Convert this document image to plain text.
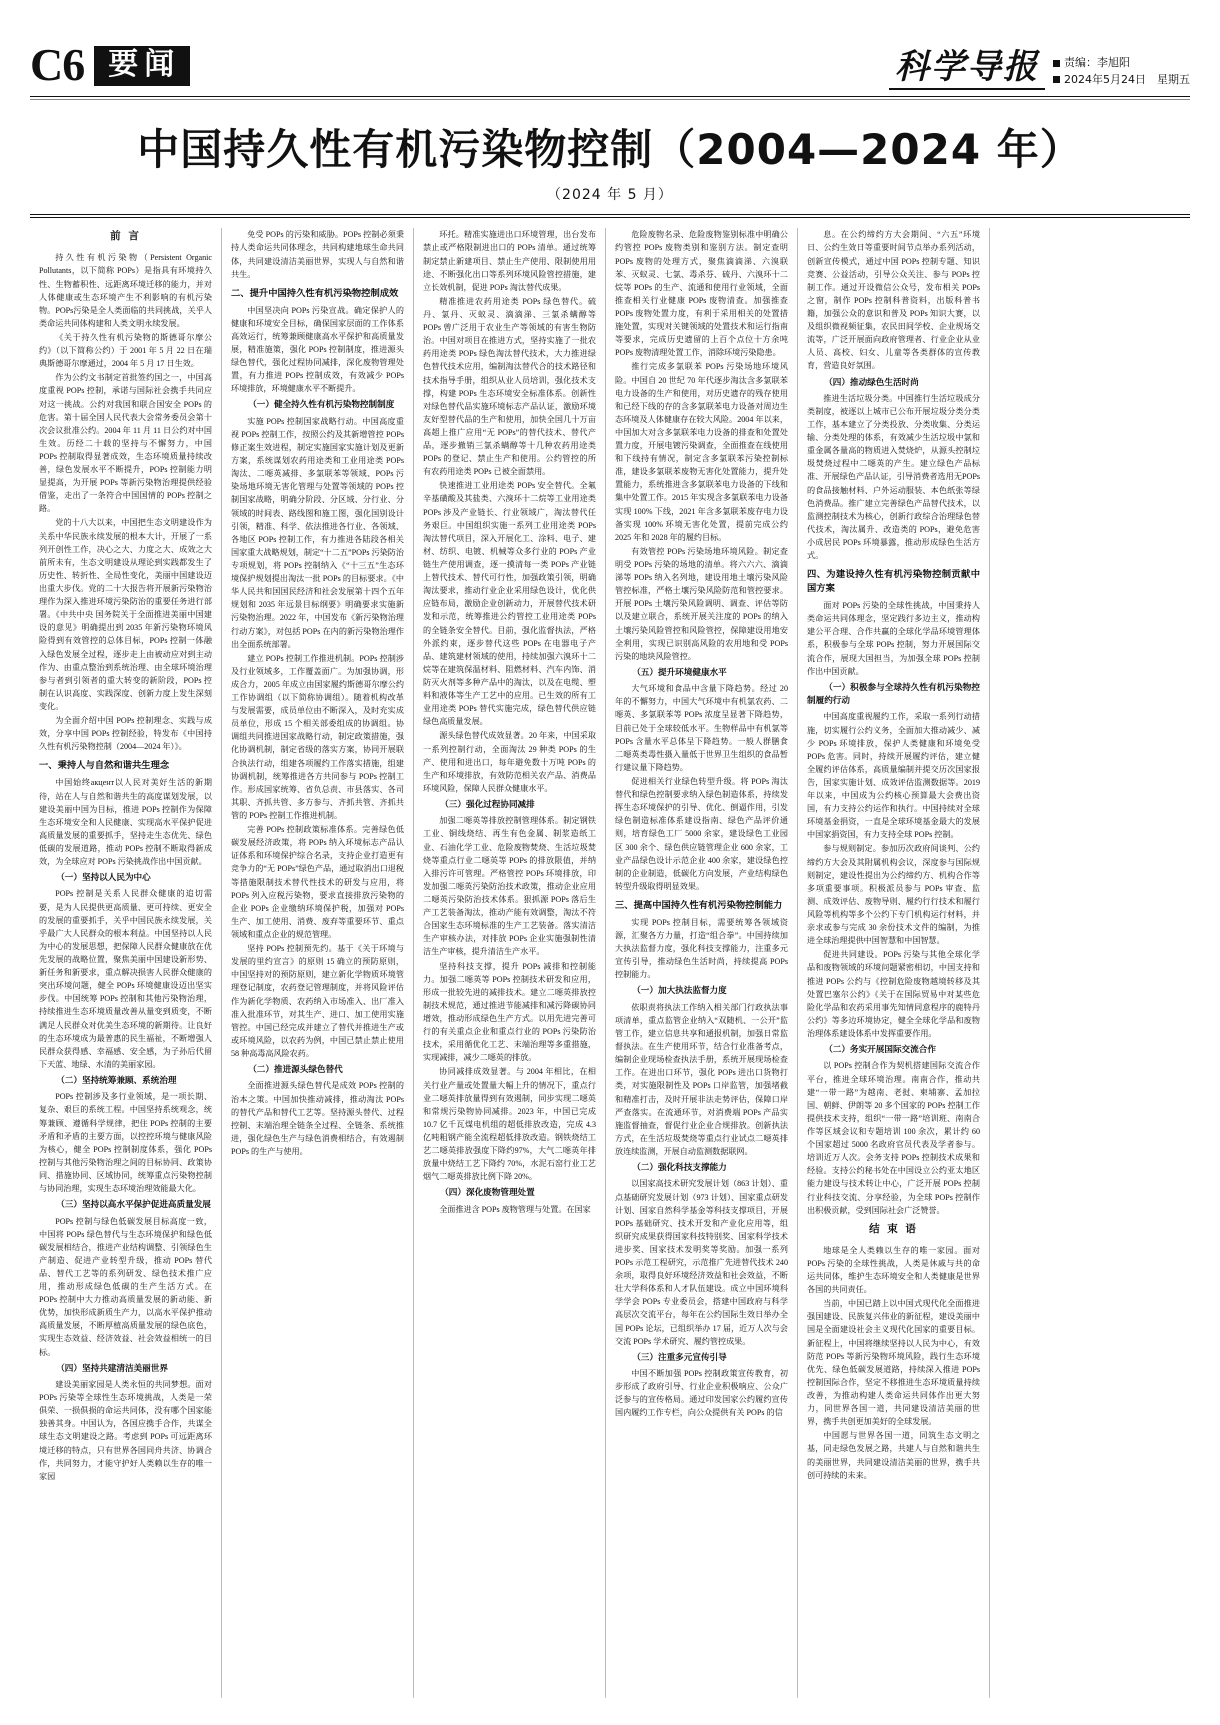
C6 要闻	科学导报	责编：李旭阳
2024年5月24日　星期五
中国持久性有机污染物控制（2004—2024 年）
（2024 年 5 月）
前 言

持久性有机污染物（Persistent Organic Pollutants，以下简称 POPs）是指具有环境持久性、生物蓄积性、远距离环境迁移的能力，并对人体健康或生态环境产生不利影响的有机污染物。POPs污染是全人类面临的共同挑战，关乎人类命运共同体构建和人类文明永续发展。

《关于持久性有机污染物的斯德哥尔摩公约》（以下简称公约）于 2001 年 5 月 22 日在瑞典斯德哥尔摩通过，2004 年 5 月 17 日生效。

作为公约文书制定首批签约国之一，中国高度重视 POPs 控制，承诺与国际社会携手共同应对这一挑战。公约对我国和联合国安全 POPs 的危害。第十届全国人民代表大会常务委员会第十次会议批准公约。2004 年 11 月 11 日公约对中国生效。历经二十载的坚持与不懈努力，中国 POPs 控制取得显著成效，生态环境质量持续改善，绿色发展水平不断提升，POPs 控制能力明显提高，为开展 POPs 等新污染物治理提供经验借鉴，走出了一条符合中国国情的 POPs 控制之路。

党的十八大以来，中国把生态文明建设作为关系中华民族永续发展的根本大计，开展了一系列开创性工作，决心之大、力度之大、成效之大前所未有，生态文明建设从理论到实践都发生了历史性、转折性、全局性变化，美丽中国建设迈出重大步伐。党的二十大报告将开展新污染物治理作为深入推进环境污染防治的重要任务进行部署。《中共中央 国务院关于全面推进美丽中国建设的意见》明确提出到 2035 年新污染物环境风险得到有效管控的总体目标，POPs 控制一体融入绿色发展全过程，逐步走上由被动应对到主动作为、由重点整治到系统治理、由全球环境治理参与者到引领者的重大转变的新阶段，POPs 控制在认识高度、实践深度、创新力度上发生深刻变化。

为全面介绍中国 POPs 控制理念、实践与成效，分享中国 POPs 控制经验，特发布《中国持久性有机污染物控制（2004—2024 年）》。

一、秉持人与自然和谐共生理念

中国始终акцент以人民对美好生活的新期待，站在人与自然和谐共生的高度谋划发展，以建设美丽中国为目标，推进 POPs 控制作为保障生态环境安全和人民健康、实现高水平保护促进高质量发展的重要抓手，坚持走生态优先、绿色低碳的发展道路，推动 POPs 控制不断取得新成效，为全球应对 POPs 污染挑战作出中国贡献。

（一）坚持以人民为中心

POPs 控制是关系人民群众健康的追切需要，是为人民提供更高质量、更可持续、更安全的发展的重要抓手，关乎中国民族永续发展，关乎最广大人民群众的根本利益。中国坚持以人民为中心的发展思想，把保障人民群众健康放在优先发展的战略位置，聚焦美丽中国建设新形势、新任务和新要求，重点解决损害人民群众健康的突出环境问题，健全 POPs 环境健康设迈出坚实步伐。中国统筹 POPs 控制和其他污染物治理，持续推进生态环境质量改善从量变到质变，不断满足人民群众对优美生态环境的新期待。让良好的生态环境成为最普惠的民生福祉，不断增强人民群众获得感、幸福感、安全感，为子孙后代留下天蓝、地绿、水清的美丽家园。

（二）坚持统筹兼顾、系统治理

POPs 控制涉及多行业领域，是一项长期、复杂、艰巨的系统工程。中国坚持系统观念，统筹兼顾、遵循科学规律，把住 POPs 控制的主要矛盾和矛盾的主要方面，以控控环境与健康风险为核心，健全 POPs 控制制度体系，强化 POPs 控制与其他污染物治理之间的目标协同、政策协同、措施协同、区域协同，统筹重点污染物控制与协同治理，实现生态环境治理效能最大化。

（三）坚持以高水平保护促进高质量发展

POPs 控制与绿色低碳发展目标高度一致，中国将 POPs 绿色替代与生态环境保护和绿色低碳发展相结合，推进产业结构调整、引领绿色生产制造、促进产业转型升级，推动 POPs 替代品、替代工艺等的系列研发、绿色技术推广应用，推动形成绿色低碳的生产生活方式。在 POPs 控制中大力推动高质量发展的新动能、新优势，加快形成新质生产力，以高水平保护推动高质量发展，不断厚植高质量发展的绿色底色，实现生态效益、经济效益、社会效益相统一的目标。

（四）坚持共建清洁美丽世界

建设美丽家园是人类永恒的共同梦想。面对 POPs 污染等全球性生态环境挑战，人类是一荣俱荣、一损俱损的命运共同体，没有哪个国家能独善其身。中国认为，各国应携手合作，共谋全球生态文明建设之路。考虑到 POPs 可远距离环境迁移的特点，只有世界各国同舟共济、协调合作，共同努力，才能守护好人类赖以生存的唯一家园

免受 POPs 的污染和威胁。POPs 控制必须秉持人类命运共同体理念，共同构建地球生命共同体，共同建设清洁美丽世界，实现人与自然和谐共生。

二、提升中国持久性有机污染物控制成效

中国坚决向 POPs 污染宣战。确定保护人的健康和环境安全目标，确保国家层面的工作体系高效运行，统筹兼顾健康高水平保护和高质量发展，精准施策，强化 POPs 控制制度，推进源头绿色替代，强化过程协同减排，深化废物管理处置，有力推进 POPs 控制成效，有效减少 POPs 环境排放，环境健康水平不断提升。

（一）健全持久性有机污染物控制制度

实施 POPs 控制国家战略行动。中国高度重视 POPs 控制工作，按照公约及其新增管控 POPs 修正案生效进程，制定实施国家实施计划及更新方案，系统谋划农药用途类和工业用途类 POPs 淘汰、二噁英减排、多氯联苯等领域、POPs 污染场地环境无害化管理与处置等领域的 POPs 控制国家战略，明确分阶段、分区域、分行业、分领域的时间表、路线图和施工图，强化国别设计引领，精准、科学、依法推进各行业、各领域、各地区 POPs 控制工作，有力推进各陆段各相关国家重大战略规划，制定“十二五”POPs 污染防治专项规划，将 POPs 控制纳入《“十三五”生态环境保护规划提出淘汰一批 POPs 的目标要求。《中华人民共和国国民经济和社会发展第十四个五年规划和 2035 年远景目标纲要》明确要求实施新污染物治理。2022 年，中国发布《新污染物治理行动方案》，对包括 POPs 在内的新污染物治理作出全面系统部署。

建立 POPs 控制工作推进机制。POPs 控制涉及行业领域多，工作覆盖面广。为加强协调，形成合力，2005 年成立由国家履约斯德哥尔摩公约工作协调组（以下简称协调组）。随着机构改革与发展需要，成员单位由不断深入，及时充实成员单位，形成 15 个相关部委组成的协调组。协调组共同推进国家战略行动，制定政策措施，强化协调机制，制定省级的落实方案，协同开展联合执法行动，组建各项履约工作落实措施，组建协调机制，统筹推进各方共同参与 POPs 控制工作。形成国家统筹、省负总责、市县落实、各司其职、齐抓共管、多方参与、齐抓共管、齐抓共管的 POPs 控制工作推进机制。

完善 POPs 控制政策标准体系。完善绿色低碳发展经济政策，将 POPs 纳入环境标志产品认证体系和环境保护综合名录，支持企业打造更有竞争力的“无 POPs”绿色产品，通过取消出口退税等措施限制技术替代性技术的研发与应用，将 POPs 列入应税污染物，要求直接排放污染物的企业 POPs 企业缴纳环境保护税，加强对 POPs 生产、加工使用、消费、废弃等重要环节、重点领域和重点企业的规范管理。

坚持 POPs 控制预先约。基于《关于环境与发展的里约宣言》的原则 15 确立的预防原则，中国坚持对的预防原则，建立新化学物质环境管理登记制度，农药登记管理制度，并将风险评估作为新化学物质、农药纳入市场准入、出厂准入准入批准环节，对其生产、进口、加工使用实施管控。中国已经完成并建立了替代并推进生产或或环境风险，以农药为例，中国已禁止禁止使用 58 种高毒高风险农药。

（二）推进源头绿色替代

全面推进源头绿色替代是成效 POPs 控制的治本之策。中国加快推动减排，推动淘汰 POPs 的替代产品和替代工艺等。坚持源头替代、过程控制、末端治理全链条全过程、全链条、系统推进，强化绿色生产与绿色消费相结合，有效遏制 POPs 的生产与使用。

环托。精准实施进出口环境管理，出台发布禁止或严格限制进出口的 POPs 清单。通过统筹制定禁止新建项目、禁止生产使用、限制使用用途、不断强化出口等系列环境风险管控措施，建立长效机制，促进 POPs 淘汰替代成果。

精准推进农药用途类 POPs 绿色替代。硫丹、氯丹、灭蚁灵、滴滴涕、三氯杀螨醇等 POPs 曾广泛用于农业生产等领域的有害生物防治。中国对项目在推进方式，坚持实施了一批农药用途类 POPs 绿色淘汰替代技术，大力推进绿色替代技术应用，编制淘汰替代合的技术路径和技术指导手册，组织从业人员培训，强化技术支撑，构建 POPs 生态环境安全标准体系。创新性对绿色替代品实施环境标志产品认证，激励环境友好型替代品的生产和使用，加快全国几十万亩高超上推广应用“无 POPs”的替代技术、替代产品，逐步撤销三氯杀螨醇等十几种农药用途类 POPs 的登记、禁止生产和使用。公约管控的所有农药用途类 POPs 已被全面禁用。

快速推进工业用途类 POPs 安全替代。全氟辛基磺酸及其盐类、六溴环十二烷等工业用途类 POPs 涉及产业链长、行业领域广，淘汰替代任务艰巨。中国组织实施一系列工业用途类 POPs 淘汰替代项目，深入开展化工、涂料、电子、建材、纺织、电镀、机械等众多行业的 POPs 产业链生产使用调查，逐一摸清每一类 POPs 产业链上替代技术、替代可行性，加强政策引领，明确淘汰要求，推动行业企业采用绿色设计，优化供应链布局，激励企业创新动力，开展替代技术研发和示范，统筹推进公约管控工业用途类 POPs 的全链条安全替代。目前，强化监督执法，严格外派约束，逐步替代这些 POPs 在电器电子产品、建筑建材领域的使用，持续加强六溴环十二烷等在建筑保温材料、阻燃材料、汽车内饰、消防灭火剂等多种产品中的淘汰，以及在电缆、塑料和液体等生产工艺中的应用。已生效的所有工业用途类 POPs 替代实施完成，绿色替代供应链绿色高质量发展。

源头绿色替代成效显著。20 年来，中国采取一系列控制行动，全面淘汰 29 种类 POPs 的生产、使用和进出口，每年避免数十万吨 POPs 的生产和环境排放，有效防范相关农产品、消费品环境风险，保障人民群众健康水平。

（三）强化过程协同减排

加强二噁英等排放控制管理体系。制定钢铁工业、铜线烧结、再生有色金属、制浆造纸工业、石油化学工业、危险废物焚烧、生活垃圾焚烧等重点行业二噁英等 POPs 的排放限值，并纳入排污许可管理。严格管控 POPs 环境排放，印发加强二噁英污染防治技术政策，推动企业应用二噁英污染防治技术体系。狠抓源 POPs 落后生产工艺装备淘汰，推动产能有效调整，淘汰不符合国家生态环境标准的生产工艺装备。落实清洁生产审核办法，对排放 POPs 企业实施强制性清洁生产审核，提升清洁生产水平。

坚持科技支撑，提升 POPs 减排和控制能力。加强二噁英等 POPs 控制技术研发和应用，形成一批较先进的减排技术。建立二噁英排放控制技术规范，通过推进节能减排和减污降碳协同增效，推动形成绿色生产方式。以用先进完善可行的有关重点企业和重点行业的 POPs 污染防治技术，采用循优化工艺、末端治理等多重措施，实现减排，减少二噁英的排放。

协同减排成效显著。与 2004 年相比，在相关行业产量或处置量大幅上升的情况下，重点行业二噁英排放量得到有效遏制，同步实现二噁英和常规污染物协同减排。2023 年，中国已完成 10.7 亿千瓦煤电机组的超低排放改造，完成 4.3 亿吨粗钢产能全流程超低排放改造。钢铁烧结工艺二噁英排放强度下降约97%，大气二噁英年排放量中烧结工艺下降约 70%，水泥石窑行业工艺烟气二噁英排放比例下降 20%。

（四）深化废物管理处置

全面推进含 POPs 废物管理与处置。在国家

危险废物名录、危险废物鉴别标准中明确公约管控 POPs 废物类别和鉴别方法。制定查明 POPs 废物的处理方式，聚焦滴滴涕、六溴联苯、灭蚁灵、七氯、毒杀芬、硫丹、六溴环十二烷等 POPs 的生产、流通和使用行业领域，全面推查相关行业健康 POPs 废物清查。加强推查 POPs 废物处置力度，有利于采用相关的处置措施处置，实现对关键领域的处置技术和运行指南等要求，完成历史遗留的上百个点位十方余吨 POPs 废物清理处置工作，消除环境污染隐患。

推行完成多氯联苯 POPs 污染场地环境风险。中国自 20 世纪 70 年代逐步淘汰含多氯联苯电力设备的生产和使用，对历史遗存的残存使用和已经下线的存的含多氯联苯电力设备对周边生态环境及人体健康存在较大风险。2004 年以来，中国加大对含多氯联苯电力设备的排查和处置处置力度，开展电镀污染调查，全面推查在线使用和下线持有情况，制定含多氯联苯污染控制标准，建设多氯联苯废物无害化处置能力，提升处置能力，系统推进含多氯联苯电力设备的下线和集中处置工作。2015 年实现含多氯联苯电力设备实现 100% 下线，2021 年含多氯联苯废存电力设备实现 100% 环境无害化处置，提前完成公约 2025 年和 2028 年的履约目标。

有效管控 POPs 污染场地环境风险。制定查明受 POPs 污染的场地的清单。将六六六、滴滴涕等 POPs 纳入名列地，建设用地土壤污染风险管控标准，严格土壤污染风险防范和管控要求。开展 POPs 土壤污染风险调明、调查、评估等防以及建立联合，系统开展关注度的 POPs 的纳入土壤污染风险管控和风险管控，保障建设用地安全利用，实现已识别高风险的农用地和受 POPs 污染的地块风险管控。

（五）提升环境健康水平

大气环境和食品中含量下降趋势。经过 20 年的不懈努力，中国大气环境中有机氯农药、二噁英、多氯联苯等 POPs 浓度呈显著下降趋势，目前已处于全球较低水平。生物样品中有机氯等 POPs 含量水平总体呈下降趋势。一般人群膳食二噁英类毒性摄入量低于世界卫生组织的食品暂行建议量下降趋势。

促进相关行业绿色转型升级。将 POPs 淘汰替代和绿色控制要求纳入绿色制造体系，持续发挥生态环境保护的引导、优化、倒逼作用，引发绿色制造标准体系建设指南、绿色产品评价通则，培育绿色工厂 5000 余家，建设绿色工业园区 300 余个、绿色供应链管理企业 600 余家，工业产品绿色设计示范企业 400 余家，建设绿色控制的企业制造，低碳化方向发展，产业结构绿色转型升级取得明显效果。

三、提高中国持久性有机污染物控制能力

实现 POPs 控制目标，需要统筹各领域资源，汇聚各方力量，打造“组合拳”。中国持续加大执法监督力度，强化科技支撑能力，注重多元宣传引导，推动绿色生活时尚，持续提高 POPs 控制能力。

（一）加大执法监督力度

依职责将执法工作纳入相关部门行政执法事项清单，重点监管企业纳入“双随机、一公开”监管工作，建立信息共享和通报机制，加强日常监督执法。在生产使用环节，结合行业准备考点，编制企业现场检查执法手册，系统开展现场检查工作。在进出口环节，强化 POPs 进出口货物打类，对实施限制性及 POPs 口岸监管，加强堵截和精准打击，及时开展非法走势评估，保障口岸严查落实。在流通环节，对消费端 POPs 产品实施监督抽查，督促行业企业合规排放。创新执法方式，在生活垃圾焚烧等重点行业试点二噁英排放连续监测，开展自动监测数据联网。

（二）强化科技支撑能力

以国家高技术研究发展计划（863 计划）、重点基础研究发展计划（973 计划）、国家重点研发计划、国家自然科学基金等科技支撑项目，开展 POPs 基础研究、技术开发和产业化应用等，组织研究成果获得国家科技特别奖、国家科学技术进步奖、国家技术发明奖等奖励。加强一系列 POPs 示范工程研究，示范推广先进替代技术 240 余项，取得良好环境经济效益和社会效益，不断壮大学科体系和人才队伍建设。成立中国环境科学学会 POPs 专业委员会，搭建中国政府与科学高层次交流平台，每年在公约国际生效日举办全国 POPs 论坛，已组织举办 17 届，近万人次与会交流 POPs 学术研究、履约管控成果。

（三）注重多元宣传引导

中国不断加强 POPs 控制政策宣传教育，初步形成了政府引导、行业企业积极响应、公众广泛参与的宣传格局。通过印发国家公约履约宣传国内履约工作专栏，向公众提供有关 POPs 的信

息。在公约缔约方大会期间、“六五”环境日、公约生效日等重要时间节点举办系列活动，创新宣传模式，通过中国 POPs 控制专题、知识竞赛、公益活动，引导公众关注、参与 POPs 控制工作。通过开设微信公众号，发布相关 POPs 之窗，制作 POPs 控制科普资料，出版科普书籍，加强公众的意识和普及 POPs 知识大赛，以及组织微视频征集，农民田间学校、企业规场交流等，广泛开展面向政府管理者、行业企业从业人员、高校、妇女、儿童等各类群体的宣传教育，营造良好氛围。

（四）推动绿色生活时尚

推进生活垃圾分类。中国推行生活垃圾成分类制度，被逐以上城市已公布开展垃圾分类分类工作，基本建立了分类投放、分类收集、分类运输、分类处理的体系，有效减少生活垃圾中氯和重金属各量高的物质进入焚烧炉，从源头控制垃圾焚烧过程中二噁英的产生。建立绿色产品标准、开展绿色产品认证，引导消费者选用无POPs 的食品接触材料、户外运动服装、本色纸张等绿色消费品。推广建立完善绿色产品替代技术，以监测控制技术为核心，创新行政综合治理绿色替代技术，淘汰属升、改造类的 POPs，避免危害小成居民 POPs 环境暴露，推动形成绿色生活方式。

四、为建设持久性有机污染物控制贡献中国方案

面对 POPs 污染的全球性挑战，中国秉持人类命运共同体理念，坚定践行多边主义，推动构建公平合理、合作共赢的全球化学品环境管理体系，积极参与全球 POPs 控制，努力开展国际交流合作，展现大国担当，为加强全球 POPs 控制作出中国贡献。

（一）积极参与全球持久性有机污染物控制履约行动

中国高度重视履约工作，采取一系列行动措施，切实履行公约义务，全面加大推动减少、减少 POPs 环境排放，保护人类健康和环境免受 POPs 危害。同时，持续开展履约评估，建立健全履约评估体系，高质量编制并提交历次国家报告，国家实施计划、成效评估监测数据等。2019 年以来，中国成为公约核心预算最大会费出资国，有力支持公约运作和执行。中国持续对全球环境基金捐资，一直是全球环境基金最大的发展中国家捐资国，有力支持全球 POPs 控制。

参与规则制定。参加历次政府间谈判、公约缔约方大会及其附属机构会议，深度参与国际规则制定，建设性提出为公约缔约方、机构合作等多项重要事项。积极派员参与 POPs 审查、监测、成效评估、废物导则、履约行行技术和履行风险等机构等多个公约下专门机构运行材料，并亲求或参与完成 30 余份技术文件的编制，为推进全球治理提供中国智慧和中国智慧。

促进共同建设。POPs 污染与其他全球化学品和废物领域的环境问题紧密相切，中国支持和推进 POPs 公约与《控制危险废物越境转移及其处置巴塞尔公约》《关于在国际贸易中对某些危险化学品和农药采用事先知情同意程序的鹿特丹公约》等多边环境协定，健全全球化学品和废物治理体系建设体系中发挥重要作用。

（二）务实开展国际交流合作

以 POPs 控制合作为契机搭建国际交流合作平台，推进全球环境治理。南南合作，推动共建“一带一路”为越南、老挝、柬埔寨、孟加拉国、朝鲜、伊朗等 20 多个国家的 POPs 控制工作提供技术支持，组织“一带一路”培训班、南南合作等区域会议和专题培训 100 余次，累计约 60 个国家超过 5000 名政府官员代表及学者参与。培训近万人次。会务支持 POPs 控制技术成果和经验。支持公约秘书处在中国设立公约亚太地区能力建设与技术转让中心，广泛开展 POPs 控制行业科技交流、分享经验，为全球 POPs 控制作出积极贡献，受到国际社会广泛赞誉。

结 束 语

地球是全人类赖以生存的唯一家园。面对 POPs 污染的全球性挑战，人类是休戚与共的命运共同体，维护生态环境安全和人类健康是世界各国的共同责任。

当前，中国已踏上以中国式现代化全面推进强国建设、民族复兴伟业的新征程，建设美丽中国是全面建设社会主义现代化国家的重要目标。新征程上，中国将继续坚持以人民为中心，有效防范 POPs 等新污染物环境风险，践行生态环境优先、绿色低碳发展道路，持续深入推进 POPs 控制国际合作，坚定不移推进生态环境质量持续改善，为推动构建人类命运共同体作出更大努力，同世界各国一道，共同建设清洁美丽的世界，携手共创更加美好的全球发展。

中国愿与世界各国一道，同筑生态文明之基，同走绿色发展之路，共建人与自然和谐共生的美丽世界，共同建设清洁美丽的世界，携手共创可持续的未来。
